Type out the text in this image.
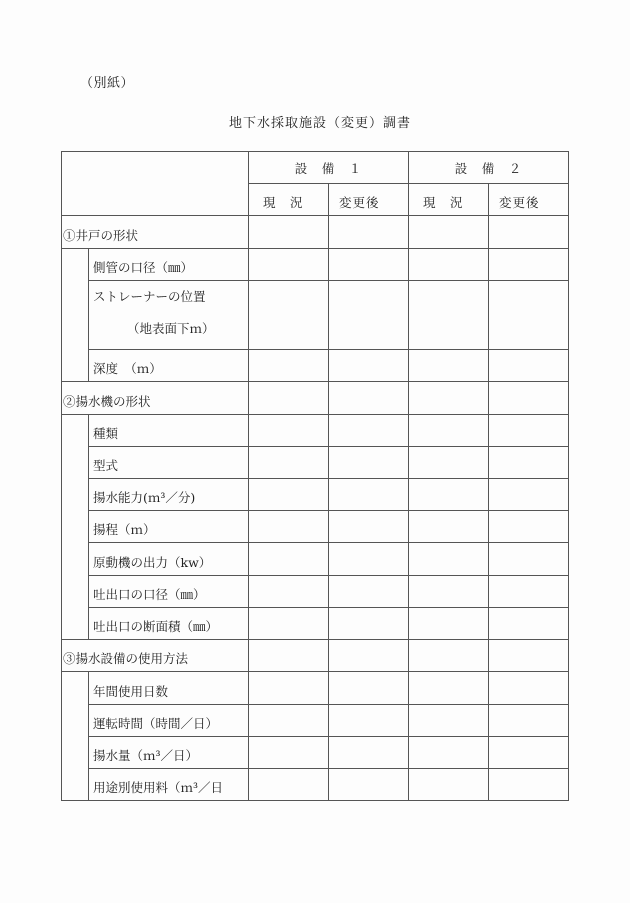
（別紙）
地下水採取施設（変更）調書
		設　備　１		設　備　２	
		現　況	変更後	現　況	変更後
①井戸の形状					
	側管の口径（㎜）				

	ストレーナーの位置
（地表面下ｍ）				

	深度　（ｍ）				
②揚水機の形状					
	種類				
	型式				
	揚水能力(ｍ³／分)				
	揚程（ｍ）				
	原動機の出力（kw）				
	吐出口の口径（㎜）				
	吐出口の断面積（㎜）				
③揚水設備の使用方法					
	年間使用日数				
	運転時間（時間／日）				
	揚水量（ｍ³／日）				
	用途別使用料（ｍ³／日				
